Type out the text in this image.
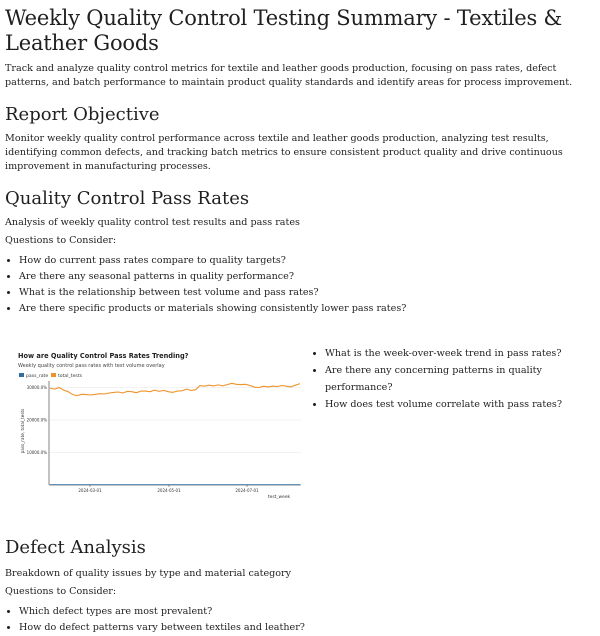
Weekly Quality Control Testing Summary - Textiles & Leather Goods

Track and analyze quality control metrics for textile and leather goods production, focusing on pass rates, defect patterns, and batch performance to maintain product quality standards and identify areas for process improvement.

Report Objective

Monitor weekly quality control performance across textile and leather goods production, analyzing test results, identifying common defects, and tracking batch metrics to ensure consistent product quality and drive continuous improvement in manufacturing processes.

Quality Control Pass Rates

Analysis of weekly quality control test results and pass rates

Questions to Consider:

• How do current pass rates compare to quality targets?
• Are there any seasonal patterns in quality performance?
• What is the relationship between test volume and pass rates?
• Are there specific products or materials showing consistently lower pass rates?
How are Quality Control Pass Rates Trending?
Weekly quality control pass rates with test volume overlay
pass_rate total_tests
pass_rate, total_tests
test_week
10000.0%
20000.0%
30000.0%
2024-03-01	2024-05-01	2024-07-01
• What is the week-over-week trend in pass rates?
• Are there any concerning patterns in quality performance?
• How does test volume correlate with pass rates?
Defect Analysis

Breakdown of quality issues by type and material category

Questions to Consider:

• Which defect types are most prevalent?
• How do defect patterns vary between textiles and leather?
